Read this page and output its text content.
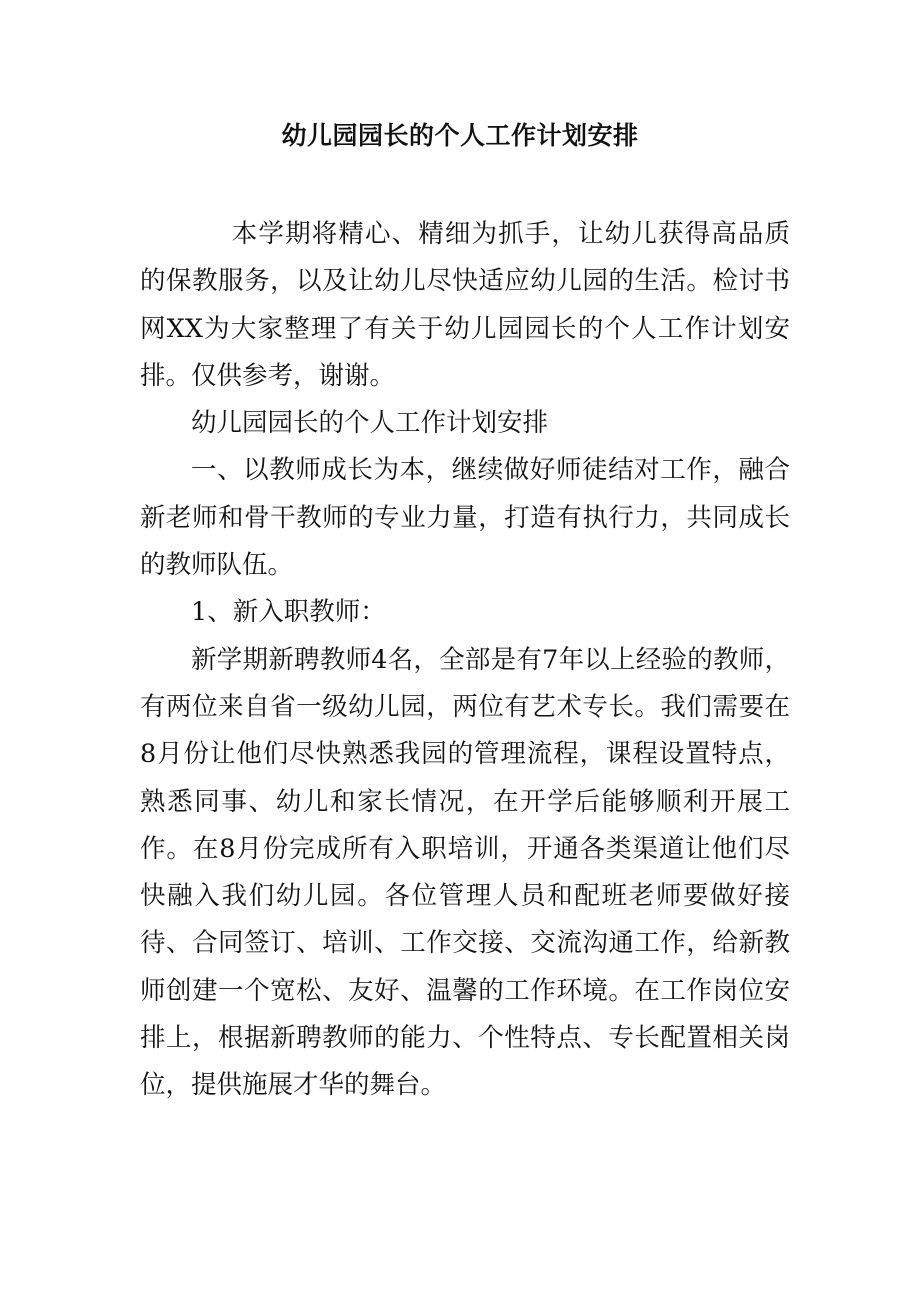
幼儿园园长的个人工作计划安排

本学期将精心、精细为抓手，让幼儿获得高品质的保教服务，以及让幼儿尽快适应幼儿园的生活。检讨书网XX为大家整理了有关于幼儿园园长的个人工作计划安排。仅供参考，谢谢。

幼儿园园长的个人工作计划安排

一、以教师成长为本，继续做好师徒结对工作，融合新老师和骨干教师的专业力量，打造有执行力，共同成长的教师队伍。

1、新入职教师：

新学期新聘教师4名，全部是有7年以上经验的教师，有两位来自省一级幼儿园，两位有艺术专长。我们需要在8月份让他们尽快熟悉我园的管理流程，课程设置特点，熟悉同事、幼儿和家长情况，在开学后能够顺利开展工作。在8月份完成所有入职培训，开通各类渠道让他们尽快融入我们幼儿园。各位管理人员和配班老师要做好接待、合同签订、培训、工作交接、交流沟通工作，给新教师创建一个宽松、友好、温馨的工作环境。在工作岗位安排上，根据新聘教师的能力、个性特点、专长配置相关岗位，提供施展才华的舞台。
